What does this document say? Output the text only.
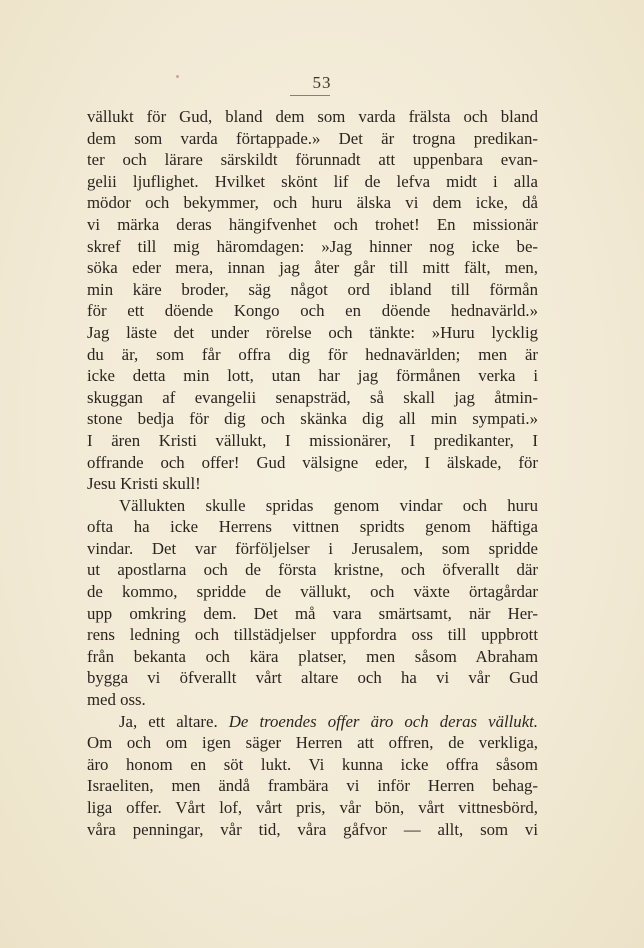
53
vällukt för Gud, bland dem som varda frälsta och bland
dem som varda förtappade.» Det är trogna predikan-
ter och lärare särskildt förunnadt att uppenbara evan-
gelii ljuflighet. Hvilket skönt lif de lefva midt i alla
mödor och bekymmer, och huru älska vi dem icke, då
vi märka deras hängifvenhet och trohet! En missionär
skref till mig häromdagen: »Jag hinner nog icke be-
söka eder mera, innan jag åter går till mitt fält, men,
min käre broder, säg något ord ibland till förmån
för ett döende Kongo och en döende hednavärld.»
Jag läste det under rörelse och tänkte: »Huru lycklig
du är, som får offra dig för hednavärlden; men är
icke detta min lott, utan har jag förmånen verka i
skuggan af evangelii senapsträd, så skall jag åtmin-
stone bedja för dig och skänka dig all min sympati.»
I ären Kristi vällukt, I missionärer, I predikanter, I
offrande och offer! Gud välsigne eder, I älskade, för
Jesu Kristi skull!
Vällukten skulle spridas genom vindar och huru
ofta ha icke Herrens vittnen spridts genom häftiga
vindar. Det var förföljelser i Jerusalem, som spridde
ut apostlarna och de första kristne, och öfverallt där
de kommo, spridde de vällukt, och växte örtagårdar
upp omkring dem. Det må vara smärtsamt, när Her-
rens ledning och tillstädjelser uppfordra oss till uppbrott
från bekanta och kära platser, men såsom Abraham
bygga vi öfverallt vårt altare och ha vi vår Gud
med oss.
Ja, ett altare. De troendes offer äro och deras vällukt.
Om och om igen säger Herren att offren, de verkliga,
äro honom en söt lukt. Vi kunna icke offra såsom
Israeliten, men ändå frambära vi inför Herren behag-
liga offer. Vårt lof, vårt pris, vår bön, vårt vittnesbörd,
våra penningar, vår tid, våra gåfvor — allt, som vi
